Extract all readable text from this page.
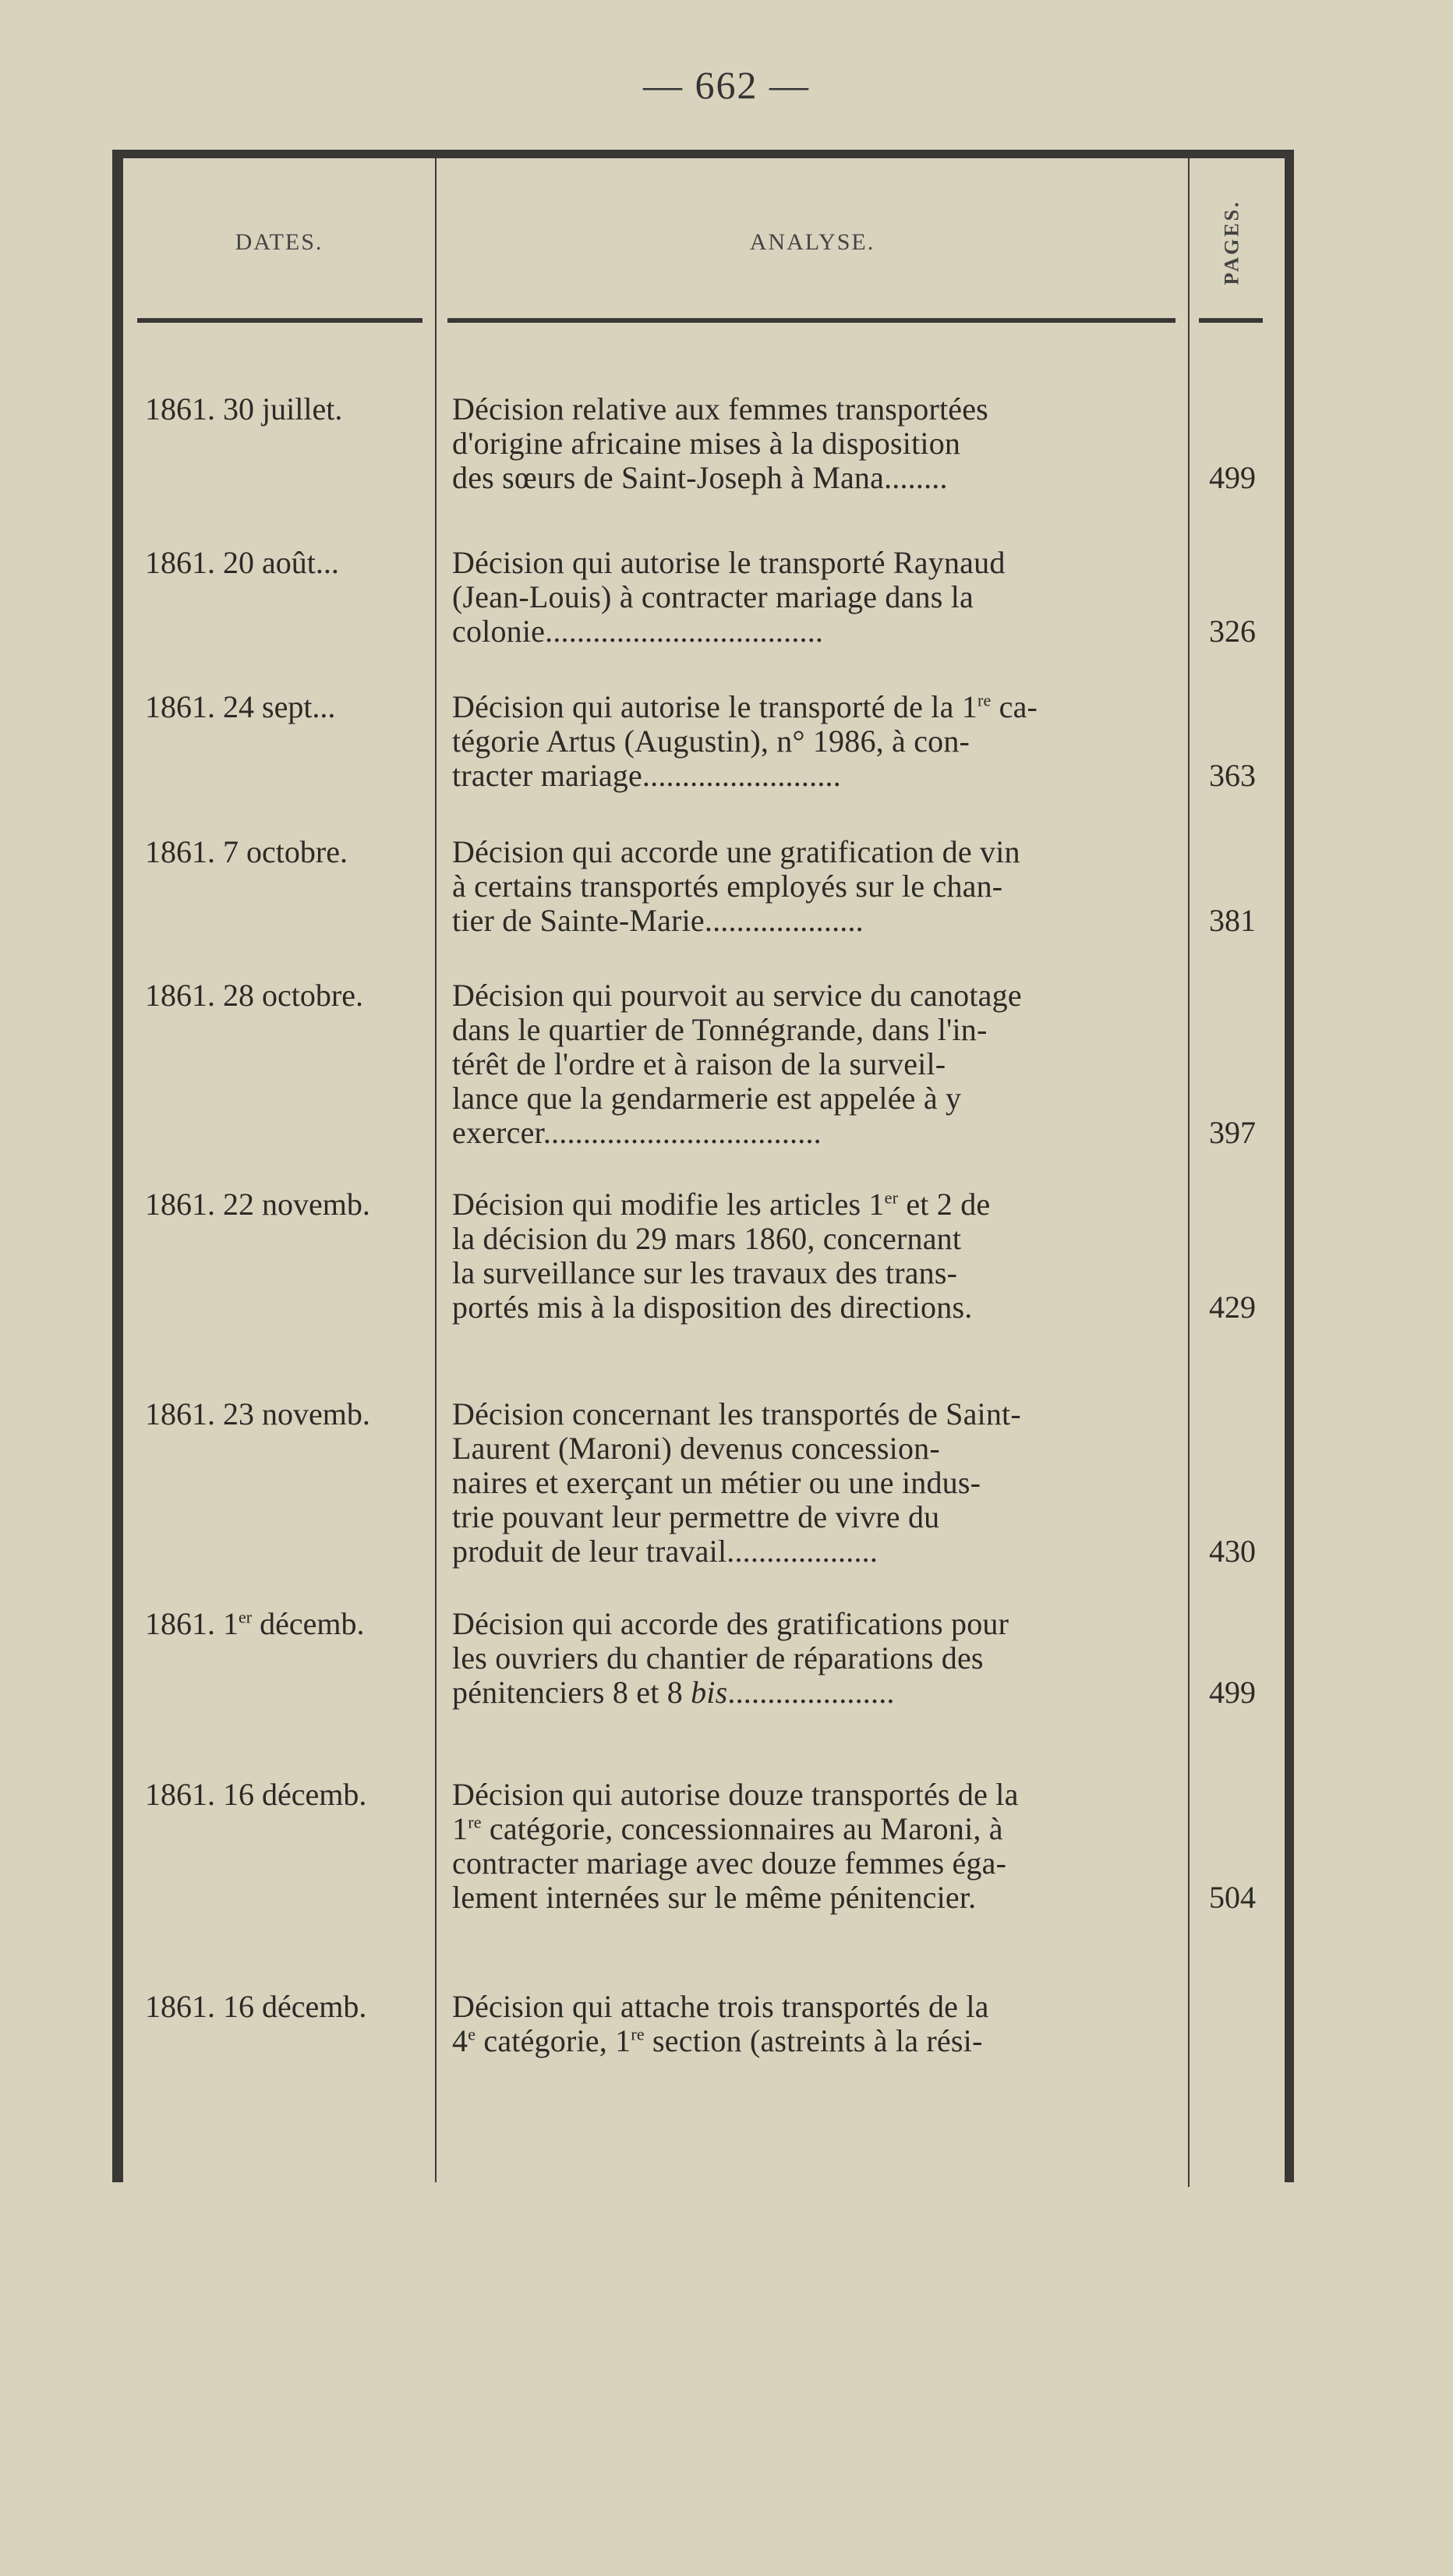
— 662 —
DATES.	ANALYSE.	PAGES.
1861. 30 juillet.	Décision relative aux femmes transportées
d'origine africaine mises à la disposition
des sœurs de Saint-Joseph à Mana........	499
1861. 20 août...	Décision qui autorise le transporté Raynaud
(Jean-Louis) à contracter mariage dans la
colonie...................................	326
1861. 24 sept...	Décision qui autorise le transporté de la 1re ca-
tégorie Artus (Augustin), n° 1986, à con-
tracter mariage.........................	363
1861. 7 octobre.	Décision qui accorde une gratification de vin
à certains transportés employés sur le chan-
tier de Sainte-Marie....................	381
1861. 28 octobre.	Décision qui pourvoit au service du canotage
dans le quartier de Tonnégrande, dans l'in-
térêt de l'ordre et à raison de la surveil-
lance que la gendarmerie est appelée à y
exercer...................................	397
1861. 22 novemb.	Décision qui modifie les articles 1er et 2 de
la décision du 29 mars 1860, concernant
la surveillance sur les travaux des trans-
portés mis à la disposition des directions.	429
1861. 23 novemb.	Décision concernant les transportés de Saint-
Laurent (Maroni) devenus concession-
naires et exerçant un métier ou une indus-
trie pouvant leur permettre de vivre du
produit de leur travail...................	430
1861. 1er décemb.	Décision qui accorde des gratifications pour
les ouvriers du chantier de réparations des
pénitenciers 8 et 8 bis.....................	499
1861. 16 décemb.	Décision qui autorise douze transportés de la
1re catégorie, concessionnaires au Maroni, à
contracter mariage avec douze femmes éga-
lement internées sur le même pénitencier.	504
1861. 16 décemb.	Décision qui attache trois transportés de la
4e catégorie, 1re section (astreints à la rési-
